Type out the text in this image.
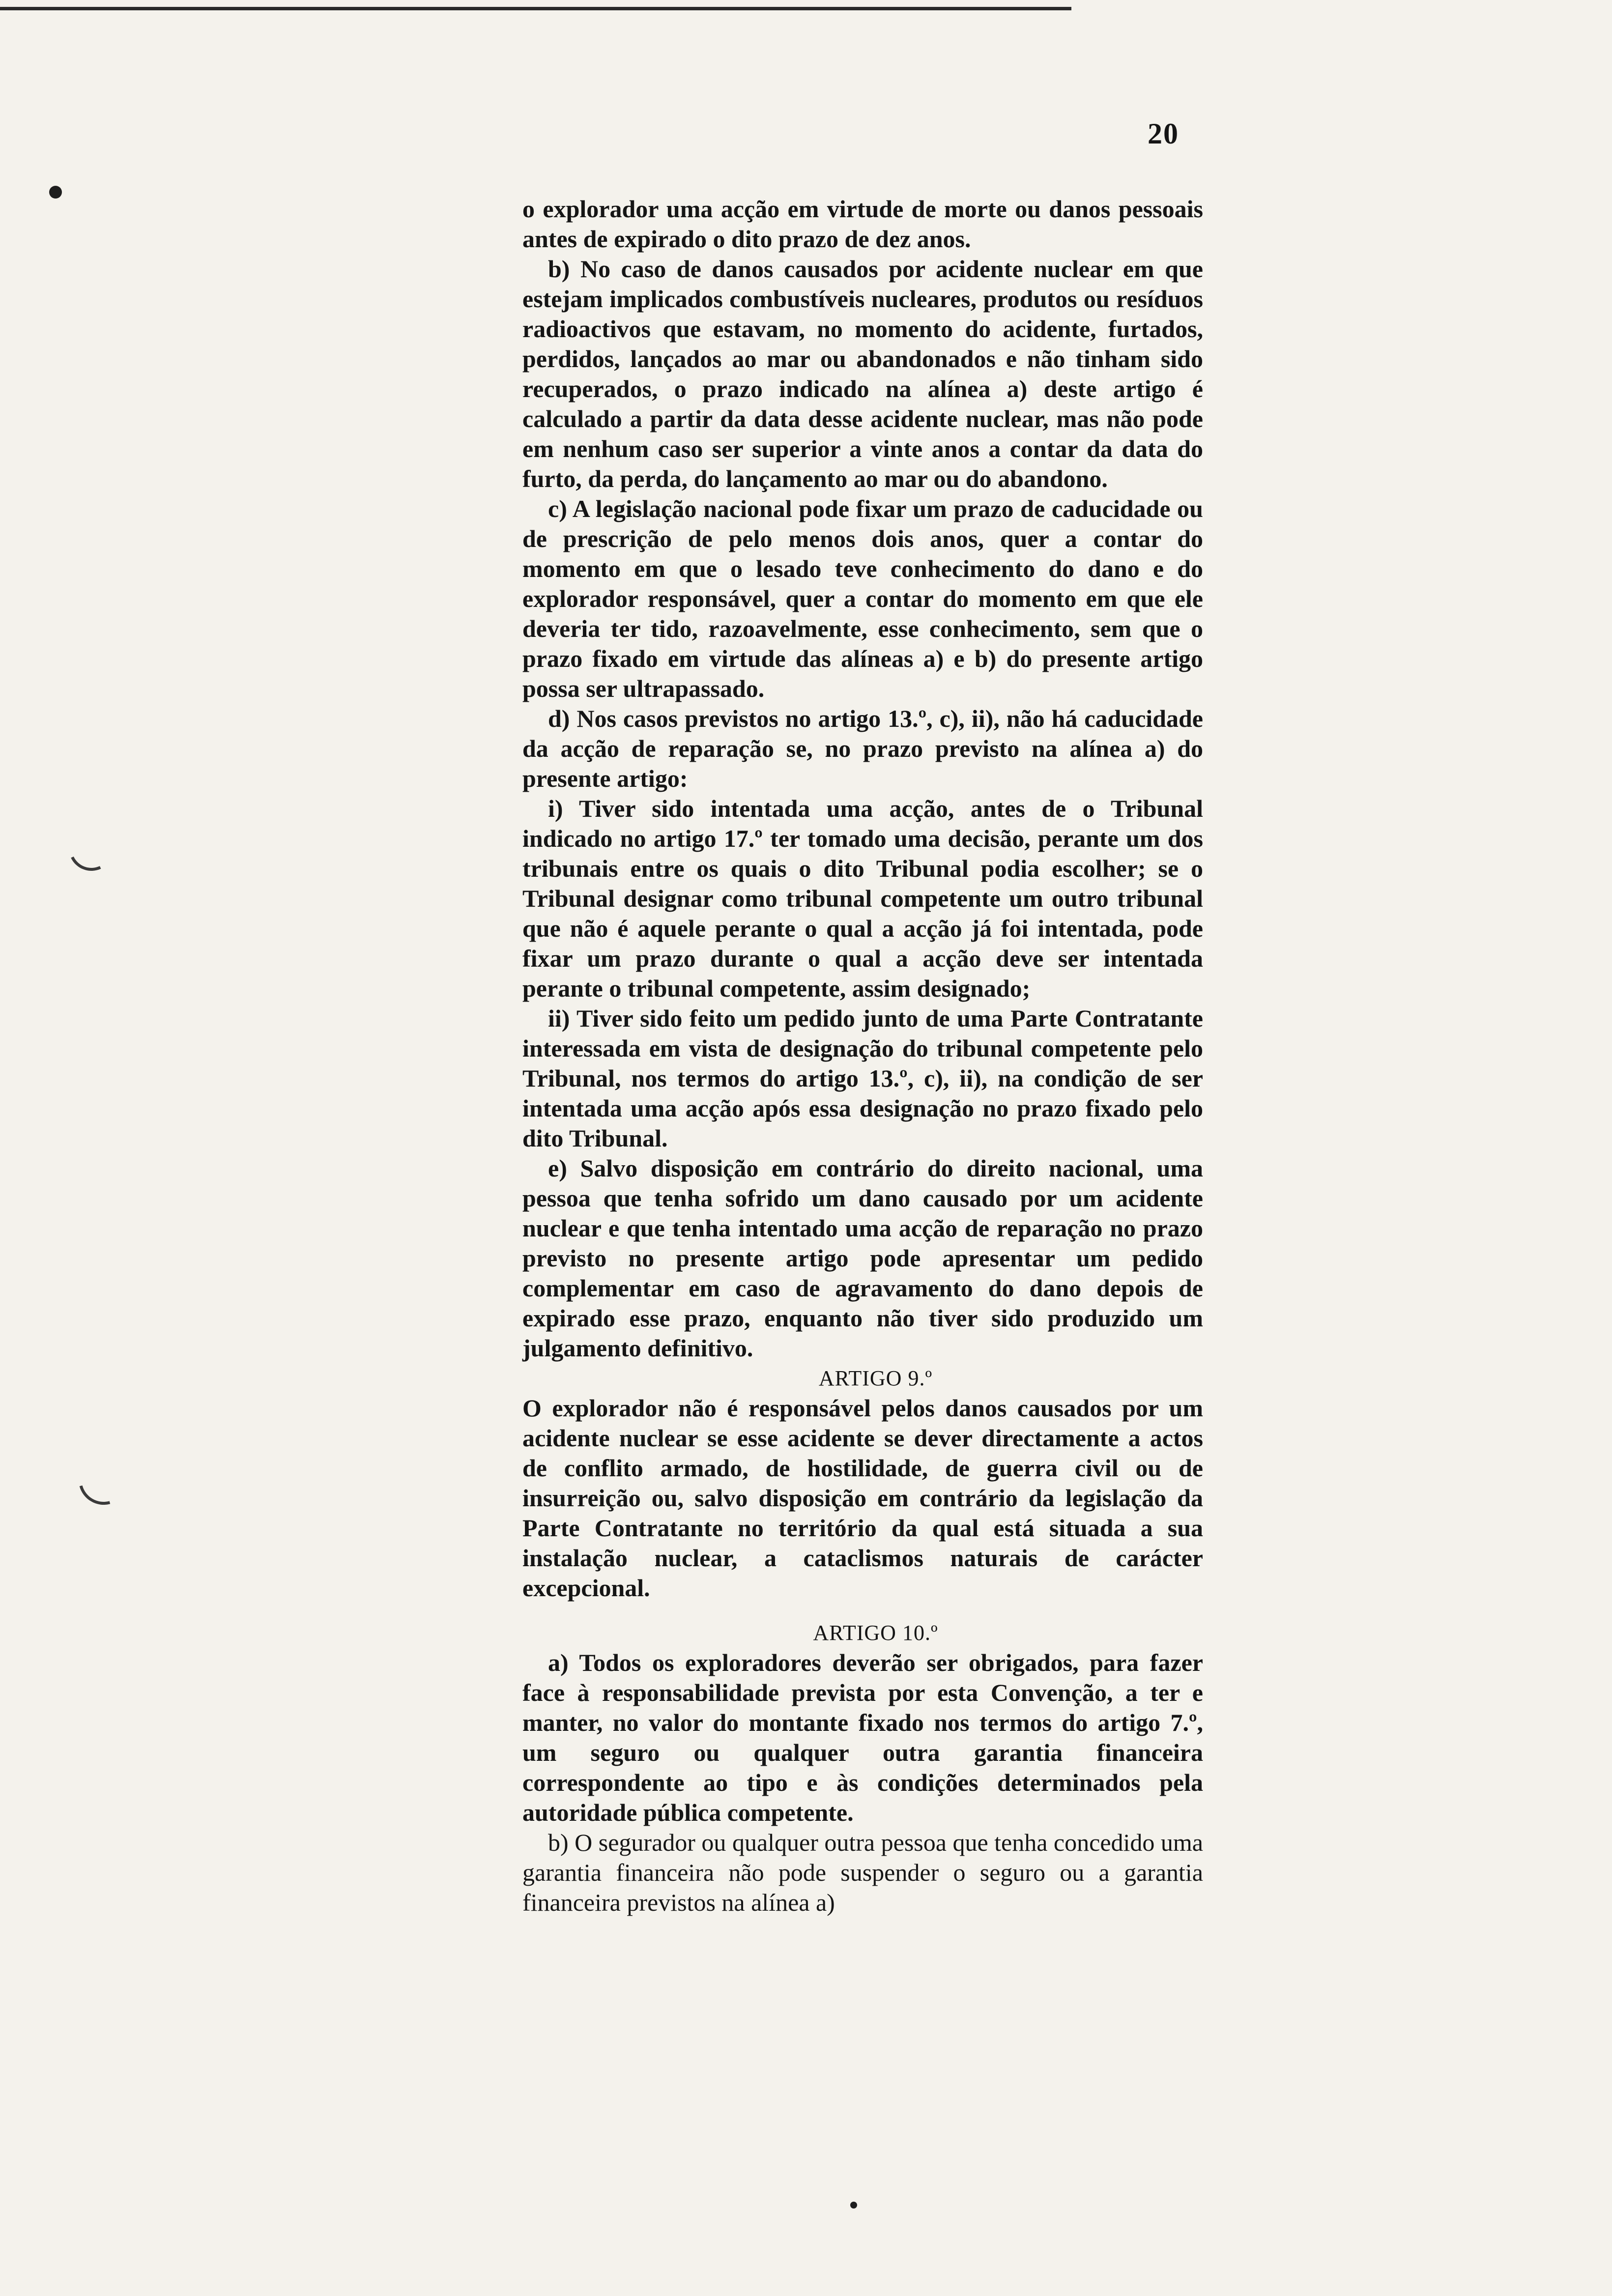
20

o explorador uma acção em virtude de morte ou danos pessoais antes de expirado o dito prazo de dez anos.

b) No caso de danos causados por acidente nuclear em que estejam implicados combustíveis nucleares, produtos ou resíduos radioactivos que estavam, no momento do acidente, furtados, perdidos, lançados ao mar ou abandonados e não tinham sido recuperados, o prazo indicado na alínea a) deste artigo é calculado a partir da data desse acidente nuclear, mas não pode em nenhum caso ser superior a vinte anos a contar da data do furto, da perda, do lançamento ao mar ou do abandono.

c) A legislação nacional pode fixar um prazo de caducidade ou de prescrição de pelo menos dois anos, quer a contar do momento em que o lesado teve conhecimento do dano e do explorador responsável, quer a contar do momento em que ele deveria ter tido, razoavelmente, esse conhecimento, sem que o prazo fixado em virtude das alíneas a) e b) do presente artigo possa ser ultrapassado.

d) Nos casos previstos no artigo 13.º, c), ii), não há caducidade da acção de reparação se, no prazo previsto na alínea a) do presente artigo:

i) Tiver sido intentada uma acção, antes de o Tribunal indicado no artigo 17.º ter tomado uma decisão, perante um dos tribunais entre os quais o dito Tribunal podia escolher; se o Tribunal designar como tribunal competente um outro tribunal que não é aquele perante o qual a acção já foi intentada, pode fixar um prazo durante o qual a acção deve ser intentada perante o tribunal competente, assim designado;

ii) Tiver sido feito um pedido junto de uma Parte Contratante interessada em vista de designação do tribunal competente pelo Tribunal, nos termos do artigo 13.º, c), ii), na condição de ser intentada uma acção após essa designação no prazo fixado pelo dito Tribunal.

e) Salvo disposição em contrário do direito nacional, uma pessoa que tenha sofrido um dano causado por um acidente nuclear e que tenha intentado uma acção de reparação no prazo previsto no presente artigo pode apresentar um pedido complementar em caso de agravamento do dano depois de expirado esse prazo, enquanto não tiver sido produzido um julgamento definitivo.

ARTIGO 9.º

O explorador não é responsável pelos danos causados por um acidente nuclear se esse acidente se dever directamente a actos de conflito armado, de hostilidade, de guerra civil ou de insurreição ou, salvo disposição em contrário da legislação da Parte Contratante no território da qual está situada a sua instalação nuclear, a cataclismos naturais de carácter excepcional.

ARTIGO 10.º

a) Todos os exploradores deverão ser obrigados, para fazer face à responsabilidade prevista por esta Convenção, a ter e manter, no valor do montante fixado nos termos do artigo 7.º, um seguro ou qualquer outra garantia financeira correspondente ao tipo e às condições determinados pela autoridade pública competente.

b) O segurador ou qualquer outra pessoa que tenha concedido uma garantia financeira não pode suspender o seguro ou a garantia financeira previstos na alínea a)
